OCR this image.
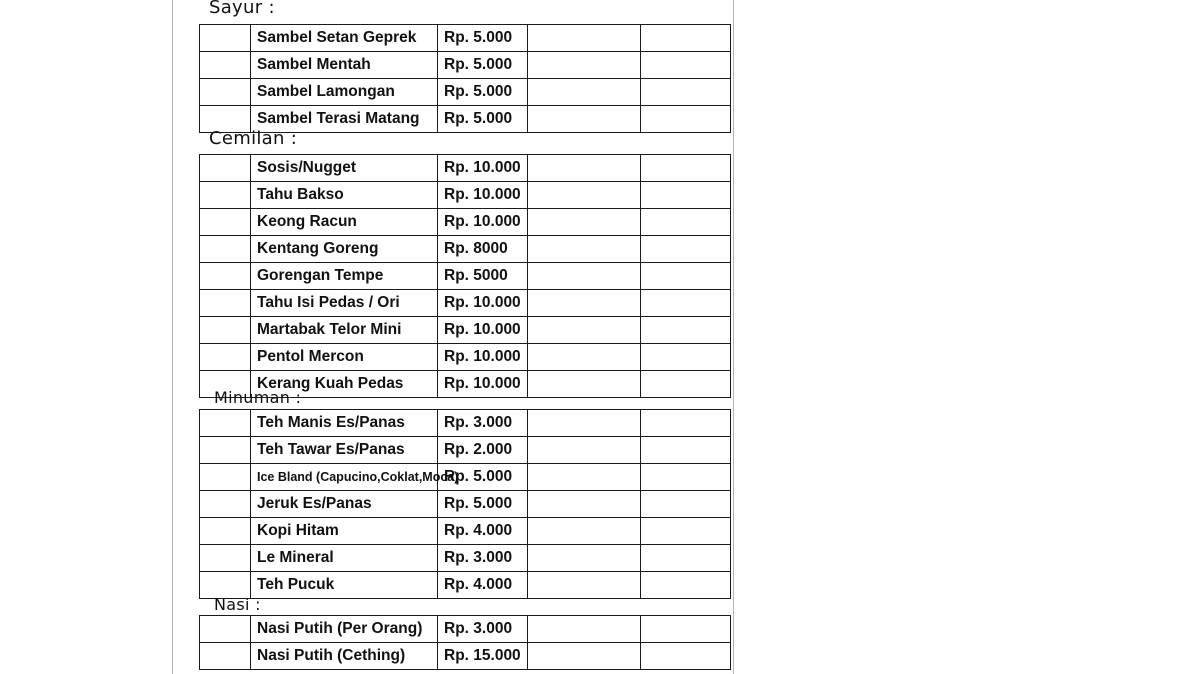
Sayur :
	Sambel Setan Geprek	Rp. 5.000		
	Sambel Mentah	Rp. 5.000		
	Sambel Lamongan	Rp. 5.000		
	Sambel Terasi Matang	Rp. 5.000		
Cemilan :
	Sosis/Nugget	Rp. 10.000		
	Tahu Bakso	Rp. 10.000		
	Keong Racun	Rp. 10.000		
	Kentang Goreng	Rp. 8000		
	Gorengan Tempe	Rp. 5000		
	Tahu Isi Pedas / Ori	Rp. 10.000		
	Martabak Telor Mini	Rp. 10.000		
	Pentol Mercon	Rp. 10.000		
	Kerang Kuah Pedas	Rp. 10.000		
Minuman :
	Teh Manis Es/Panas	Rp. 3.000		
	Teh Tawar Es/Panas	Rp. 2.000		
	Ice Bland (Capucino,Coklat,Moca)	Rp. 5.000		
	Jeruk Es/Panas	Rp. 5.000		
	Kopi Hitam	Rp. 4.000		
	Le Mineral	Rp. 3.000		
	Teh Pucuk	Rp. 4.000		
Nasi :
	Nasi Putih (Per Orang)	Rp. 3.000		
	Nasi Putih (Cething)	Rp. 15.000		
